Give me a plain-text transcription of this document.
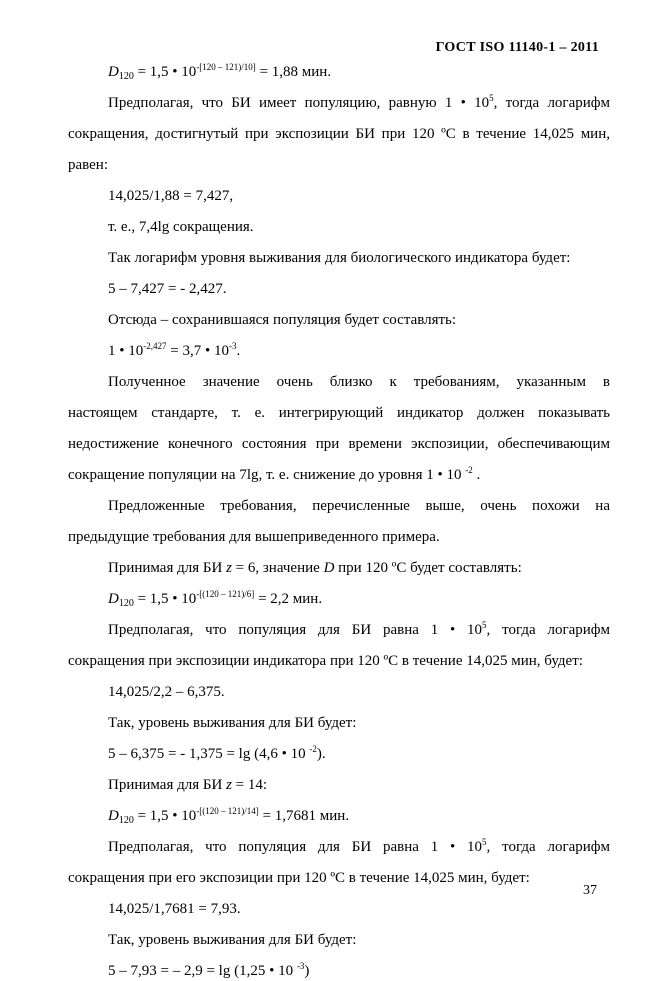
ГОСТ ISO 11140-1 – 2011
$D_{120} = 1,5$ • $10^{-[120 - 121)/10]} = 1,88$ мин.
Предполагая, что БИ имеет популяцию, равную 1 • $10^5$, тогда логарифм
сокращения, достигнутый при экспозиции БИ при 120 ºС в течение 14,025 мин,
равен:
14,025/1,88 = 7,427,
т. е., 7,4lg сокращения.
Так логарифм уровня выживания для биологического индикатора будет:
5 – 7,427 = - 2,427.
Отсюда – сохранившаяся популяция будет составлять:
1 • $10^{-2,427} = 3,7$ • $10^{-3}$.
Полученное значение очень близко к требованиям, указанным в
настоящем стандарте, т. е. интегрирующий индикатор должен показывать
недостижение конечного состояния при времени экспозиции, обеспечивающим
сокращение популяции на 7lg, т. е. снижение до уровня 1 • 10 $^{-2}$ .
Предложенные требования, перечисленные выше, очень похожи на
предыдущие требования для вышеприведенного примера.
Принимая для БИ z = 6, значение D при 120 ºС будет составлять:
$D_{120} = 1,5$ • $10^{-[(120 - 121)/6]} = 2,2$ мин.
Предполагая, что популяция для БИ равна 1 • $10^5$, тогда логарифм
сокращения при экспозиции индикатора при 120 ºС в течение 14,025 мин, будет:
14,025/2,2 – 6,375.
Так, уровень выживания для БИ будет:
5 – 6,375 = - 1,375 = lg (4,6 • 10 $^{-2}$).
Принимая для БИ z = 14:
$D_{120} = 1,5$ • $10^{-[(120 - 121)/14]} = 1,7681$ мин.
Предполагая, что популяция для БИ равна 1 • $10^5$, тогда логарифм
сокращения при его экспозиции при 120 ºС в течение 14,025 мин, будет:
14,025/1,7681 = 7,93.
Так, уровень выживания для БИ будет:
5 – 7,93 = – 2,9 = lg (1,25 • 10 $^{-3}$)
37
